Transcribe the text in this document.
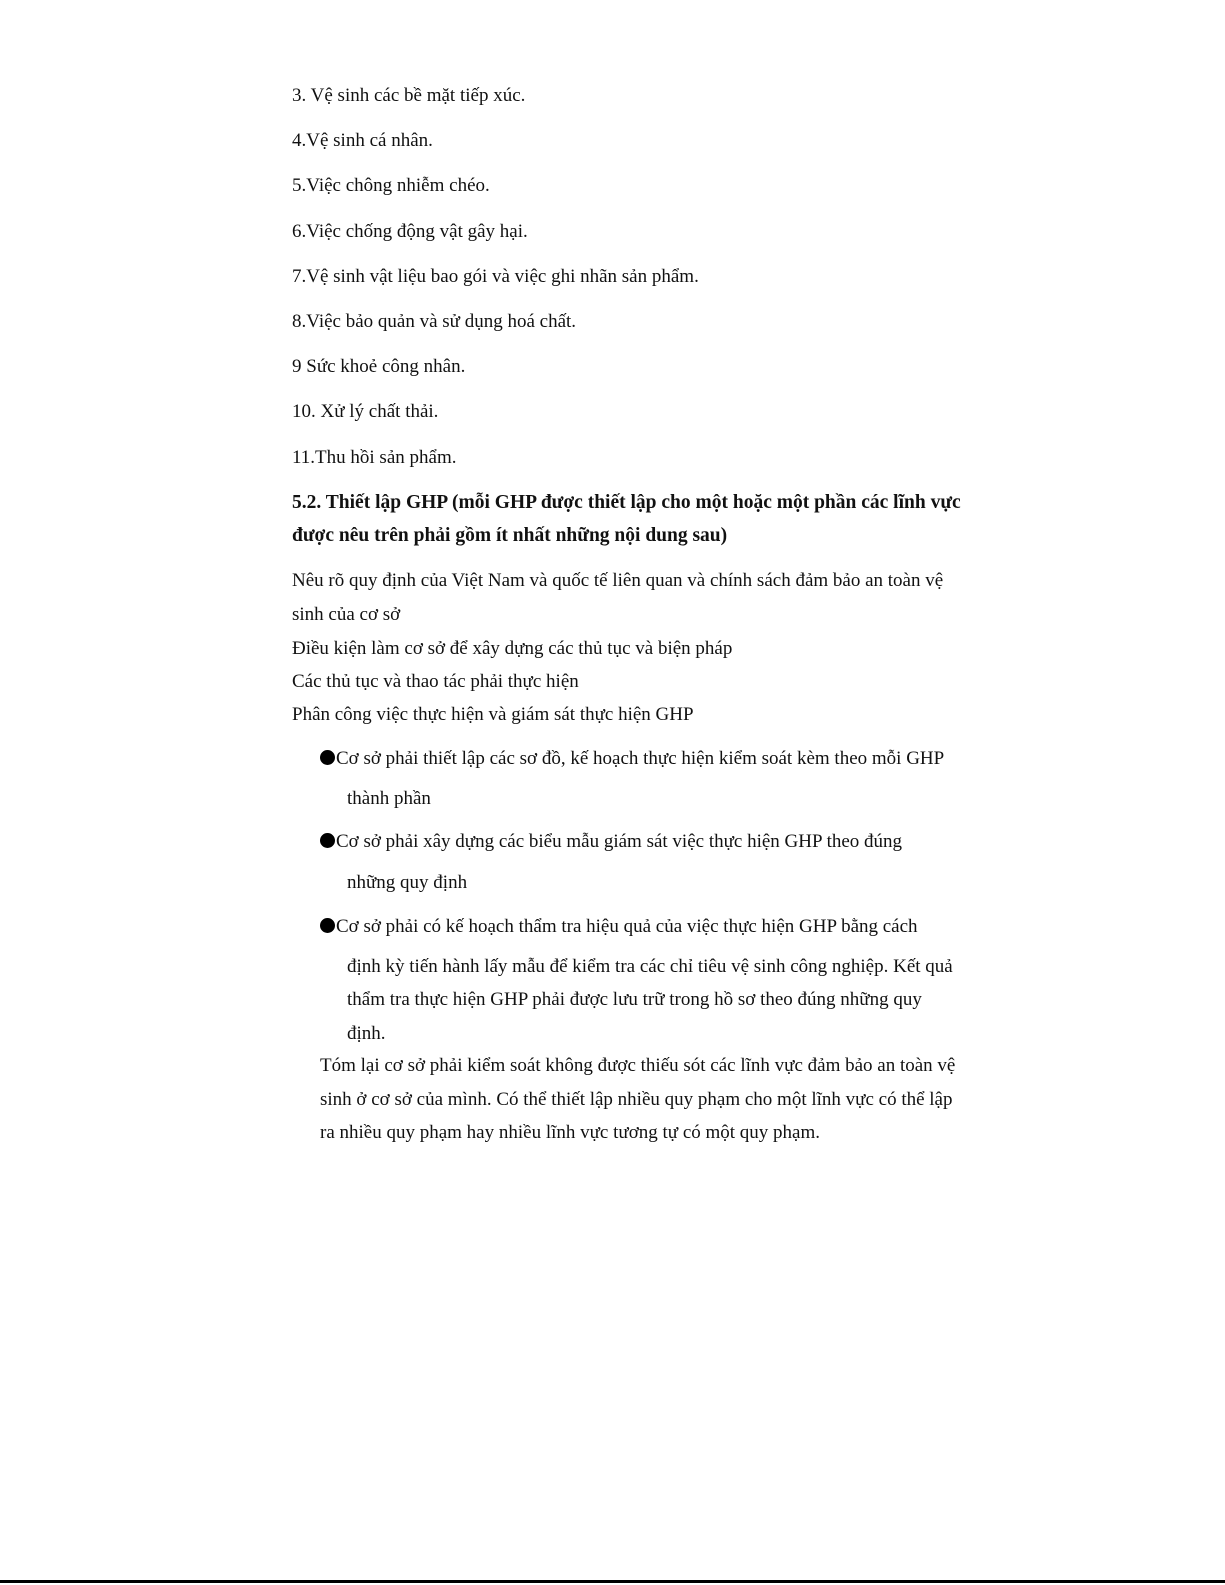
3. Vệ sinh các bề mặt tiếp xúc.
4.Vệ sinh cá nhân.
5.Việc chông nhiễm chéo.
6.Việc chống động vật gây hại.
7.Vệ sinh vật liệu bao gói và việc ghi nhãn sản phẩm.
8.Việc bảo quản và sử dụng hoá chất.
9 Sức khoẻ công nhân.
10. Xử lý chất thải.
11.Thu hồi sản phẩm.
5.2. Thiết lập GHP (mỗi GHP được thiết lập cho một hoặc một phần các lĩnh vực
được nêu trên phải gồm ít nhất những nội dung sau)
Nêu rõ quy định của Việt Nam và quốc tế liên quan và chính sách đảm bảo an toàn vệ
sinh của cơ sở
Điều kiện làm cơ sở để xây dựng các thủ tục và biện pháp
Các thủ tục và thao tác phải thực hiện
Phân công việc thực hiện và giám sát thực hiện GHP
Cơ sở phải thiết lập các sơ đồ, kế hoạch thực hiện kiểm soát kèm theo mỗi GHP
thành phần
Cơ sở phải xây dựng các biểu mẫu giám sát việc thực hiện GHP theo đúng
những quy định
Cơ sở phải có kế hoạch thẩm tra hiệu quả của việc thực hiện GHP bằng cách
định kỳ tiến hành lấy mẫu để kiểm tra các chỉ tiêu vệ sinh công nghiệp. Kết quả
thẩm tra thực hiện GHP phải được lưu trữ trong hồ sơ theo đúng những quy
định.
Tóm lại cơ sở phải kiểm soát không được thiếu sót các lĩnh vực đảm bảo an toàn vệ
sinh ở cơ sở của mình. Có thể thiết lập nhiều quy phạm cho một lĩnh vực có thể lập
ra nhiều quy phạm hay nhiều lĩnh vực tương tự có một quy phạm.
